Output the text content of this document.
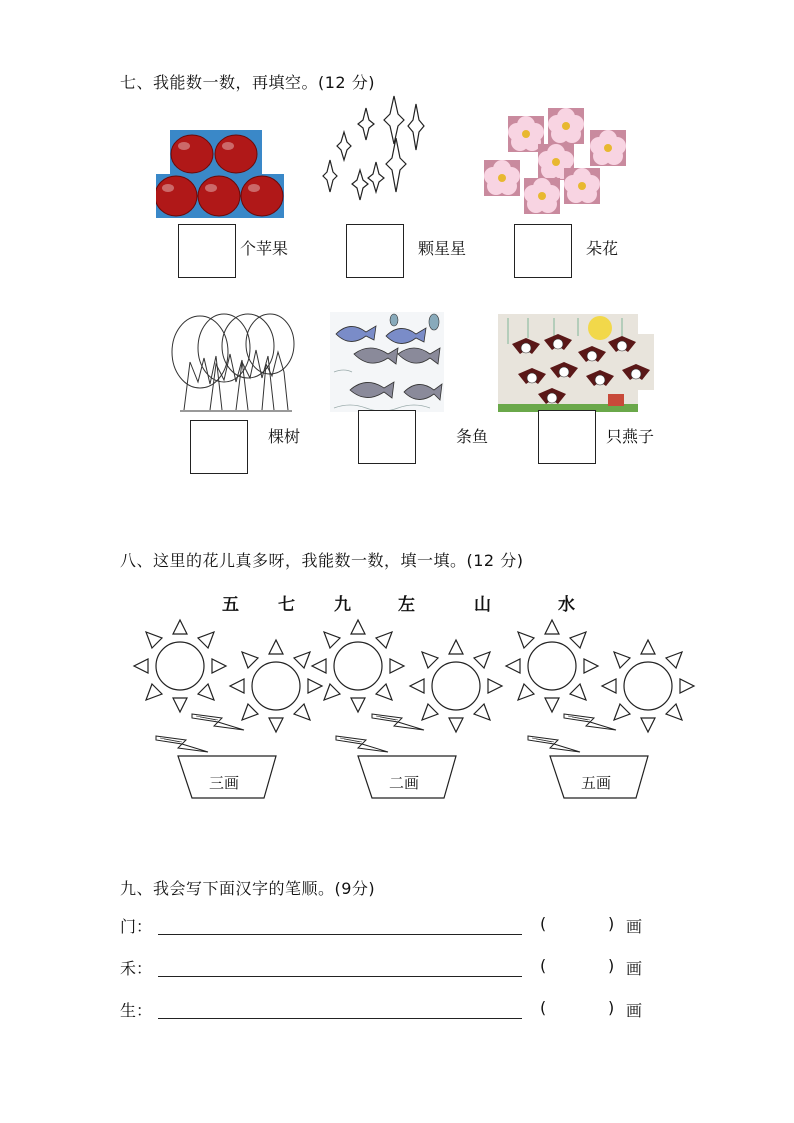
七、我能数一数，再填空。(12 分)
个苹果	颗星星	朵花
棵树	条鱼	只燕子
八、这里的花儿真多呀，我能数一数，填一填。(12 分)
五 七 九	左	山	水
三画	二画	五画
九、我会写下面汉字的笔顺。(9分)
门：	(	) 画
禾：	(	) 画
生：	(	) 画
